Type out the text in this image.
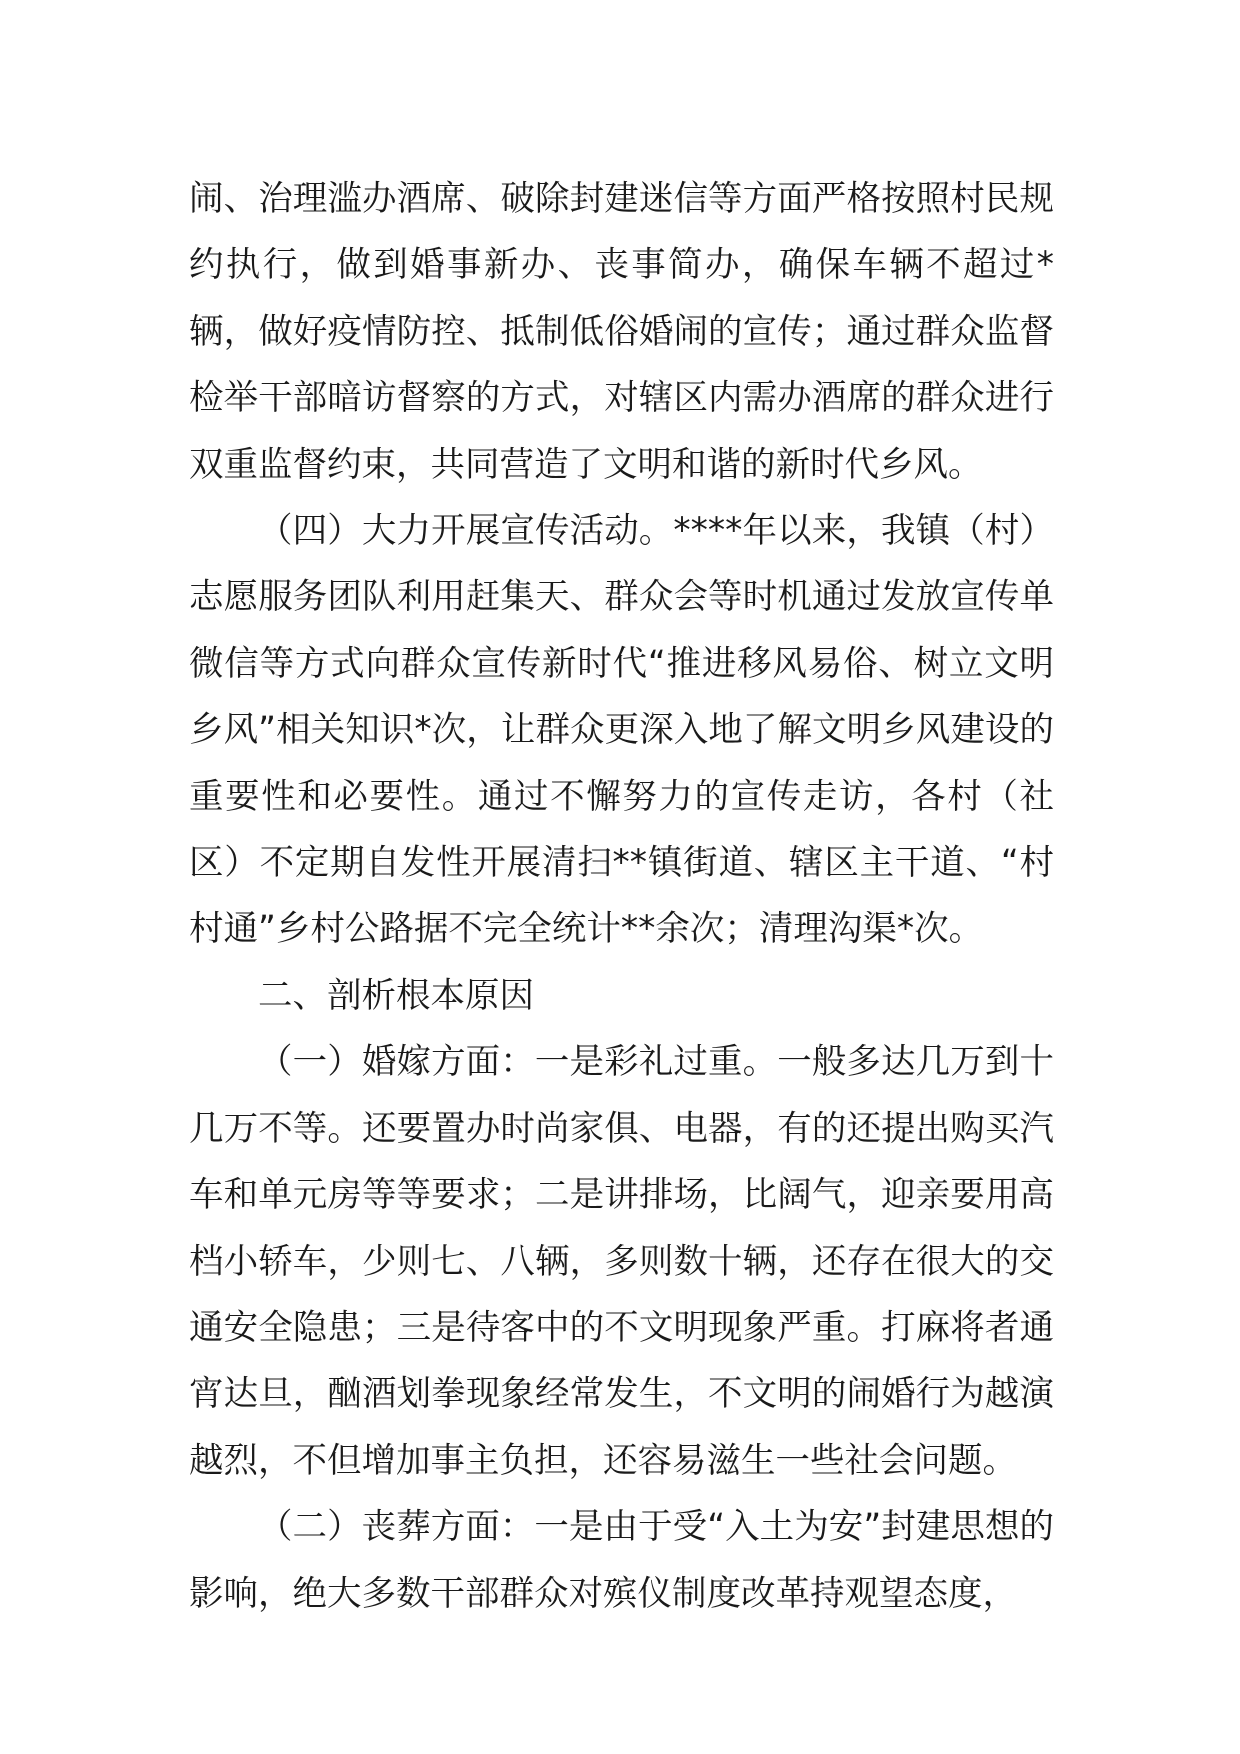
闹、治理滥办酒席、破除封建迷信等方面严格按照村民规约执行，做到婚事新办、丧事简办，确保车辆不超过*辆，做好疫情防控、抵制低俗婚闹的宣传；通过群众监督检举干部暗访督察的方式，对辖区内需办酒席的群众进行双重监督约束，共同营造了文明和谐的新时代乡风。

（四）大力开展宣传活动。****年以来，我镇（村）志愿服务团队利用赶集天、群众会等时机通过发放宣传单微信等方式向群众宣传新时代“推进移风易俗、树立文明乡风”相关知识*次，让群众更深入地了解文明乡风建设的重要性和必要性。通过不懈努力的宣传走访，各村（社区）不定期自发性开展清扫**镇街道、辖区主干道、“村村通”乡村公路据不完全统计**余次；清理沟渠*次。

二、剖析根本原因

（一）婚嫁方面：一是彩礼过重。一般多达几万到十几万不等。还要置办时尚家俱、电器，有的还提出购买汽车和单元房等等要求；二是讲排场，比阔气，迎亲要用高档小轿车，少则七、八辆，多则数十辆，还存在很大的交通安全隐患；三是待客中的不文明现象严重。打麻将者通宵达旦，酗酒划拳现象经常发生，不文明的闹婚行为越演越烈，不但增加事主负担，还容易滋生一些社会问题。

（二）丧葬方面：一是由于受“入土为安”封建思想的影响，绝大多数干部群众对殡仪制度改革持观望态度，
